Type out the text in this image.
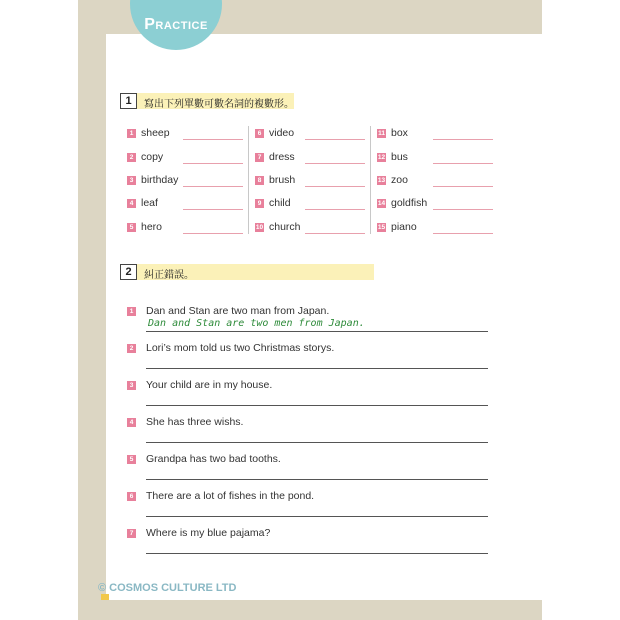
Practice
1	寫出下列單數可數名詞的複數形。
1 sheep
2 copy
3 birthday
4 leaf
5 hero
6 video
7 dress
8 brush
9 child
10 church
11 box
12 bus
13 zoo
14 goldfish
15 piano
2	糾正錯誤。
1 Dan and Stan are two man from Japan.
Dan and Stan are two men from Japan.
2 Lori’s mom told us two Christmas storys.
3 Your child are in my house.
4 She has three wishs.
5 Grandpa has two bad tooths.
6 There are a lot of fishes in the pond.
7 Where is my blue pajama?
© COSMOS CULTURE LTD
